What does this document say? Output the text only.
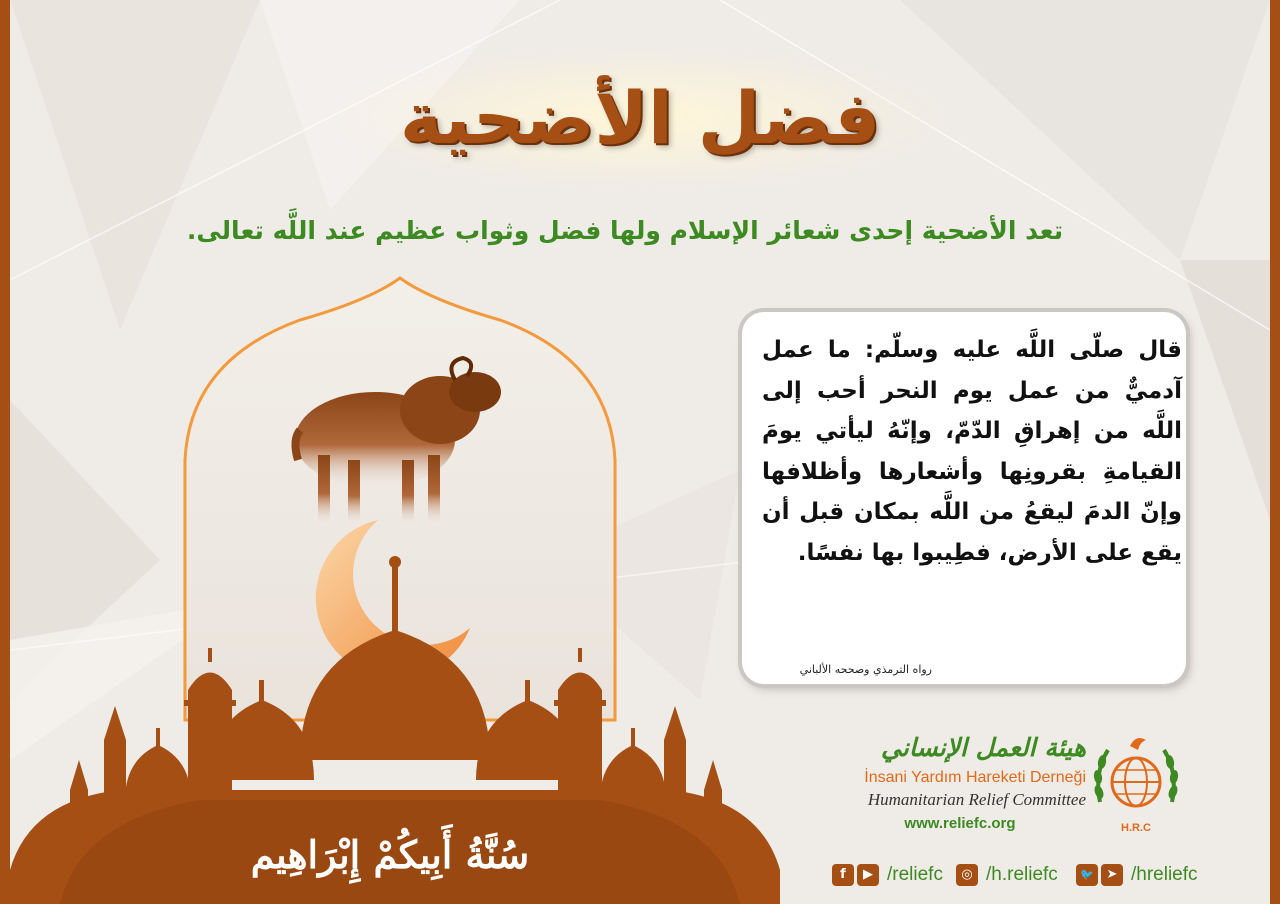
فضل الأضحية
تعد الأضحية إحدى شعائر الإسلام ولها فضل وثواب عظيم عند اللَّه تعالى.

قال صلّى اللَّه عليه وسلّم: ما عمل آدميٌّ من عمل يوم النحر أحب إلى اللَّه من إهراقِ الدّمّ، وإنّهُ ليأتي يومَ القيامةِ بقرونِها وأشعارها وأظلافها وإنّ الدمَ ليقعُ من اللَّه بمكان قبل أن يقع على الأرض، فطِيبوا بها نفسًا.

رواه الترمذي وصححه الألباني
سُنَّةُ أَبِيكُمْ إِبْرَاهِيم
هيئة العمل الإنساني
İnsani Yardım Hareketi Derneği
Humanitarian Relief Committee
www.reliefc.org	H.R.C
f	▶ /reliefc	◎ /h.reliefc	🐦 ➤ /hreliefc
